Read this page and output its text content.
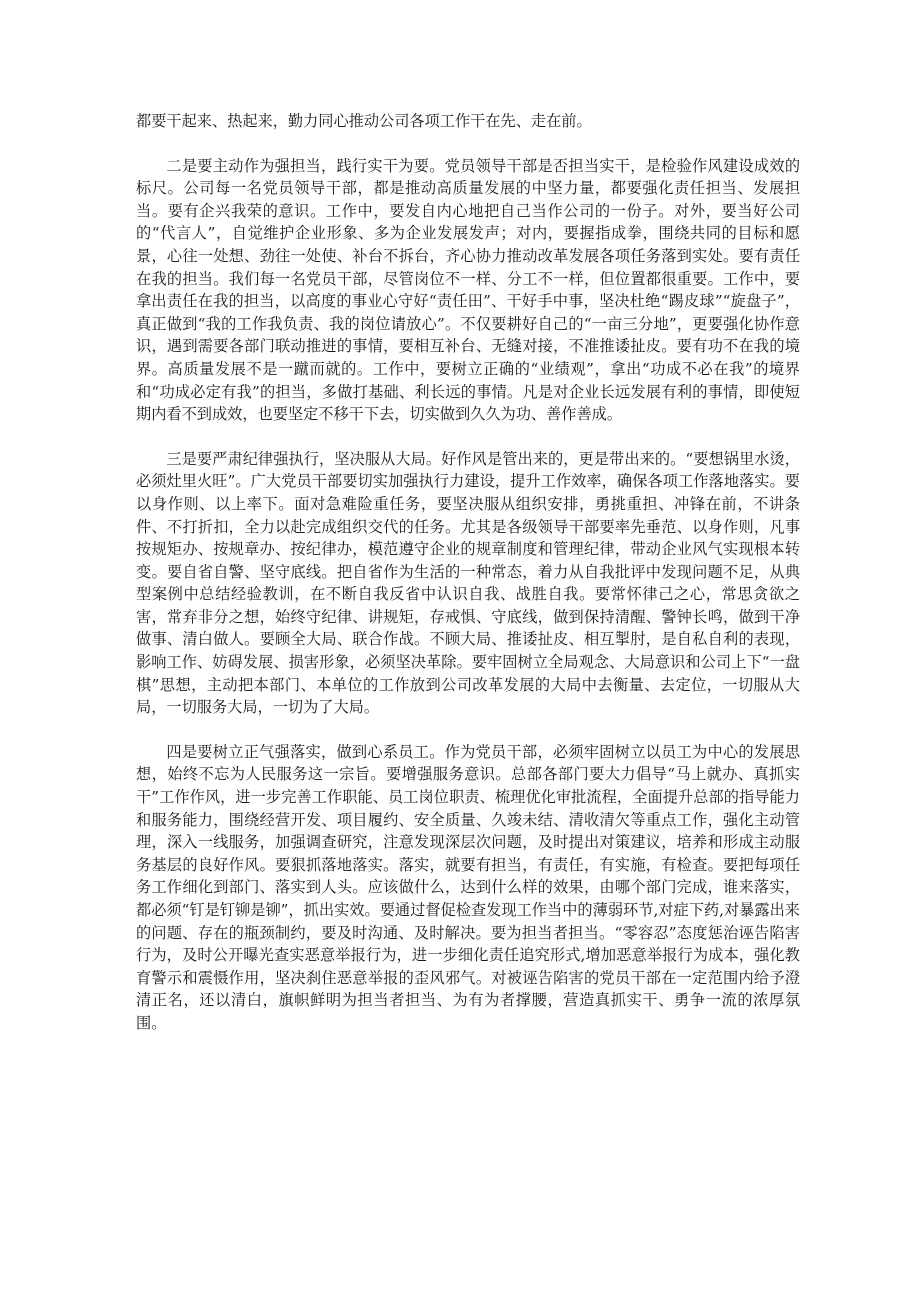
都要干起来、热起来，勤力同心推动公司各项工作干在先、走在前。

二是要主动作为强担当，践行实干为要。党员领导干部是否担当实干，是检验作风建设成效的标尺。公司每一名党员领导干部，都是推动高质量发展的中坚力量，都要强化责任担当、发展担当。要有企兴我荣的意识。工作中，要发自内心地把自己当作公司的一份子。对外，要当好公司的“代言人”，自觉维护企业形象、多为企业发展发声；对内，要握指成拳，围绕共同的目标和愿景，心往一处想、劲往一处使、补台不拆台，齐心协力推动改革发展各项任务落到实处。要有责任在我的担当。我们每一名党员干部，尽管岗位不一样、分工不一样，但位置都很重要。工作中，要拿出责任在我的担当，以高度的事业心守好“责任田”、干好手中事，坚决杜绝“踢皮球”“旋盘子”，真正做到“我的工作我负责、我的岗位请放心”。不仅要耕好自己的“一亩三分地”，更要强化协作意识，遇到需要各部门联动推进的事情，要相互补台、无缝对接，不准推诿扯皮。要有功不在我的境界。高质量发展不是一蹴而就的。工作中，要树立正确的“业绩观”，拿出“功成不必在我”的境界和“功成必定有我”的担当，多做打基础、利长远的事情。凡是对企业长远发展有利的事情，即使短期内看不到成效，也要坚定不移干下去，切实做到久久为功、善作善成。

三是要严肃纪律强执行，坚决服从大局。好作风是管出来的，更是带出来的。“要想锅里水烫，必须灶里火旺”。广大党员干部要切实加强执行力建设，提升工作效率，确保各项工作落地落实。要以身作则、以上率下。面对急难险重任务，要坚决服从组织安排，勇挑重担、冲锋在前，不讲条件、不打折扣，全力以赴完成组织交代的任务。尤其是各级领导干部要率先垂范、以身作则，凡事按规矩办、按规章办、按纪律办，模范遵守企业的规章制度和管理纪律，带动企业风气实现根本转变。要自省自警、坚守底线。把自省作为生活的一种常态，着力从自我批评中发现问题不足，从典型案例中总结经验教训，在不断自我反省中认识自我、战胜自我。要常怀律己之心，常思贪欲之害，常弃非分之想，始终守纪律、讲规矩，存戒惧、守底线，做到保持清醒、警钟长鸣，做到干净做事、清白做人。要顾全大局、联合作战。不顾大局、推诿扯皮、相互掣肘，是自私自利的表现，影响工作、妨碍发展、损害形象，必须坚决革除。要牢固树立全局观念、大局意识和公司上下“一盘棋”思想，主动把本部门、本单位的工作放到公司改革发展的大局中去衡量、去定位，一切服从大局，一切服务大局，一切为了大局。

四是要树立正气强落实，做到心系员工。作为党员干部，必须牢固树立以员工为中心的发展思想，始终不忘为人民服务这一宗旨。要增强服务意识。总部各部门要大力倡导“马上就办、真抓实干”工作作风，进一步完善工作职能、员工岗位职责、梳理优化审批流程，全面提升总部的指导能力和服务能力，围绕经营开发、项目履约、安全质量、久竣未结、清收清欠等重点工作，强化主动管理，深入一线服务，加强调查研究，注意发现深层次问题，及时提出对策建议，培养和形成主动服务基层的良好作风。要狠抓落地落实。落实，就要有担当，有责任，有实施，有检查。要把每项任务工作细化到部门、落实到人头。应该做什么，达到什么样的效果，由哪个部门完成，谁来落实，都必须“钉是钉铆是铆”，抓出实效。要通过督促检查发现工作当中的薄弱环节,对症下药,对暴露出来的问题、存在的瓶颈制约，要及时沟通、及时解决。要为担当者担当。“零容忍”态度惩治诬告陷害行为，及时公开曝光查实恶意举报行为，进一步细化责任追究形式,增加恶意举报行为成本，强化教育警示和震慑作用，坚决刹住恶意举报的歪风邪气。对被诬告陷害的党员干部在一定范围内给予澄清正名，还以清白，旗帜鲜明为担当者担当、为有为者撑腰，营造真抓实干、勇争一流的浓厚氛围。
